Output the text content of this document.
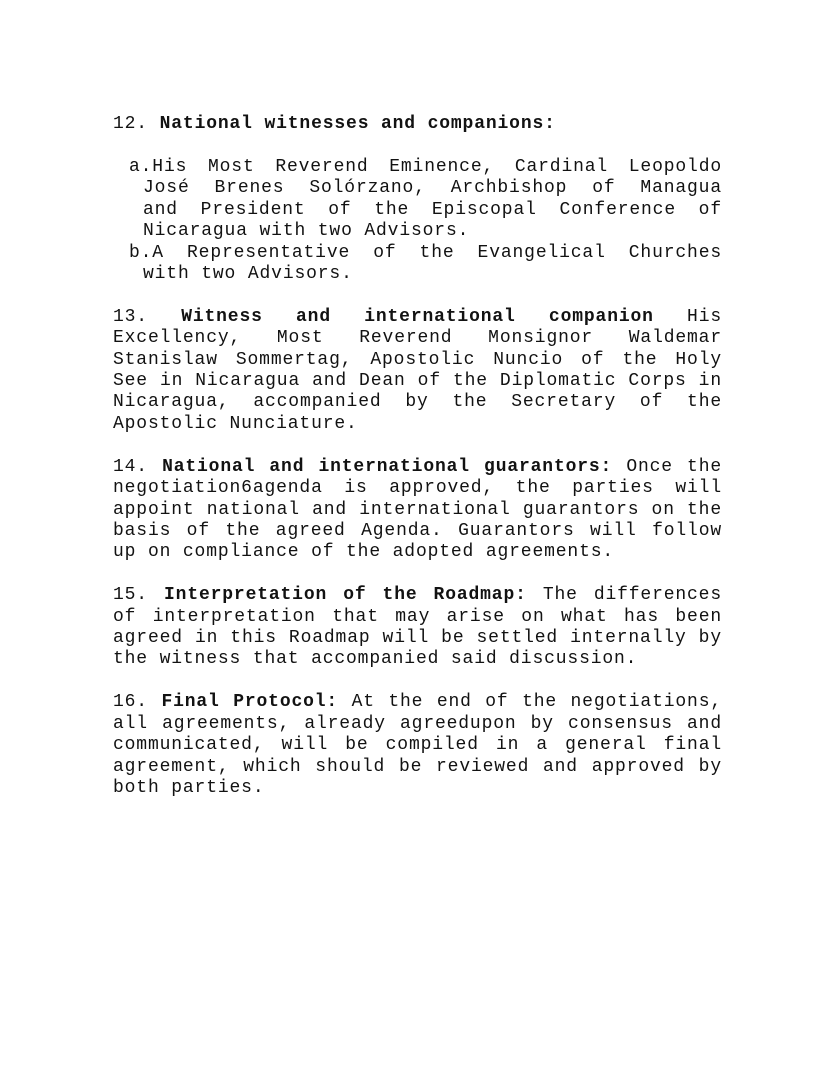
12. National witnesses and companions:
a.His Most Reverend Eminence, Cardinal Leopoldo
José Brenes Solórzano, Archbishop of Managua
and President of the Episcopal Conference of
Nicaragua with two Advisors.
b.A Representative of the Evangelical Churches
with two Advisors.
13. Witness and international companion His
Excellency, Most Reverend Monsignor Waldemar
Stanislaw Sommertag, Apostolic Nuncio of the Holy
See in Nicaragua and Dean of the Diplomatic Corps in
Nicaragua, accompanied by the Secretary of the
Apostolic Nunciature.
14. National and international guarantors: Once the
negotiation6agenda is approved, the parties will
appoint national and international guarantors on the
basis of the agreed Agenda. Guarantors will follow
up on compliance of the adopted agreements.
15. Interpretation of the Roadmap: The differences
of interpretation that may arise on what has been
agreed in this Roadmap will be settled internally by
the witness that accompanied said discussion.
16. Final Protocol: At the end of the negotiations,
all agreements, already agreedupon by consensus and
communicated, will be compiled in a general final
agreement, which should be reviewed and approved by
both parties.
